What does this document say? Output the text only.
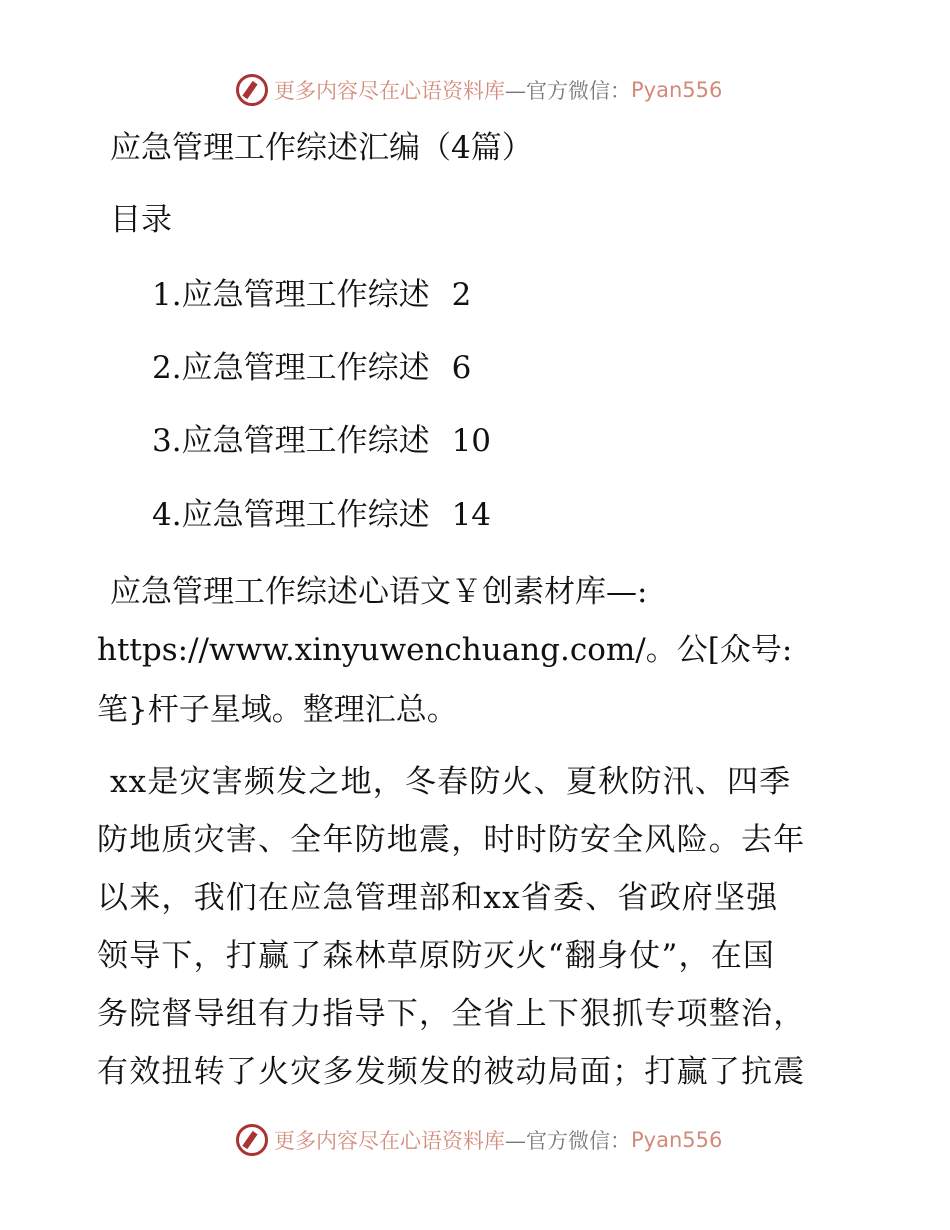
更多内容尽在心语资料库 —官方微信： Pyan556
应急管理工作综述汇编（4篇）
目录
1.应急管理工作综述 2
2.应急管理工作综述 6
3.应急管理工作综述 10
4.应急管理工作综述 14
应急管理工作综述心语文￥创素材库—:
https://www.xinyuwenchuang.com/。公[众号:
笔}杆子星域。整理汇总。
xx是灾害频发之地，冬春防火、夏秋防汛、四季
防地质灾害、全年防地震，时时防安全风险。去年
以来，我们在应急管理部和xx省委、省政府坚强
领导下，打赢了森林草原防灭火“翻身仗”，在国
务院督导组有力指导下，全省上下狠抓专项整治，
有效扭转了火灾多发频发的被动局面；打赢了抗震
更多内容尽在心语资料库 —官方微信： Pyan556
